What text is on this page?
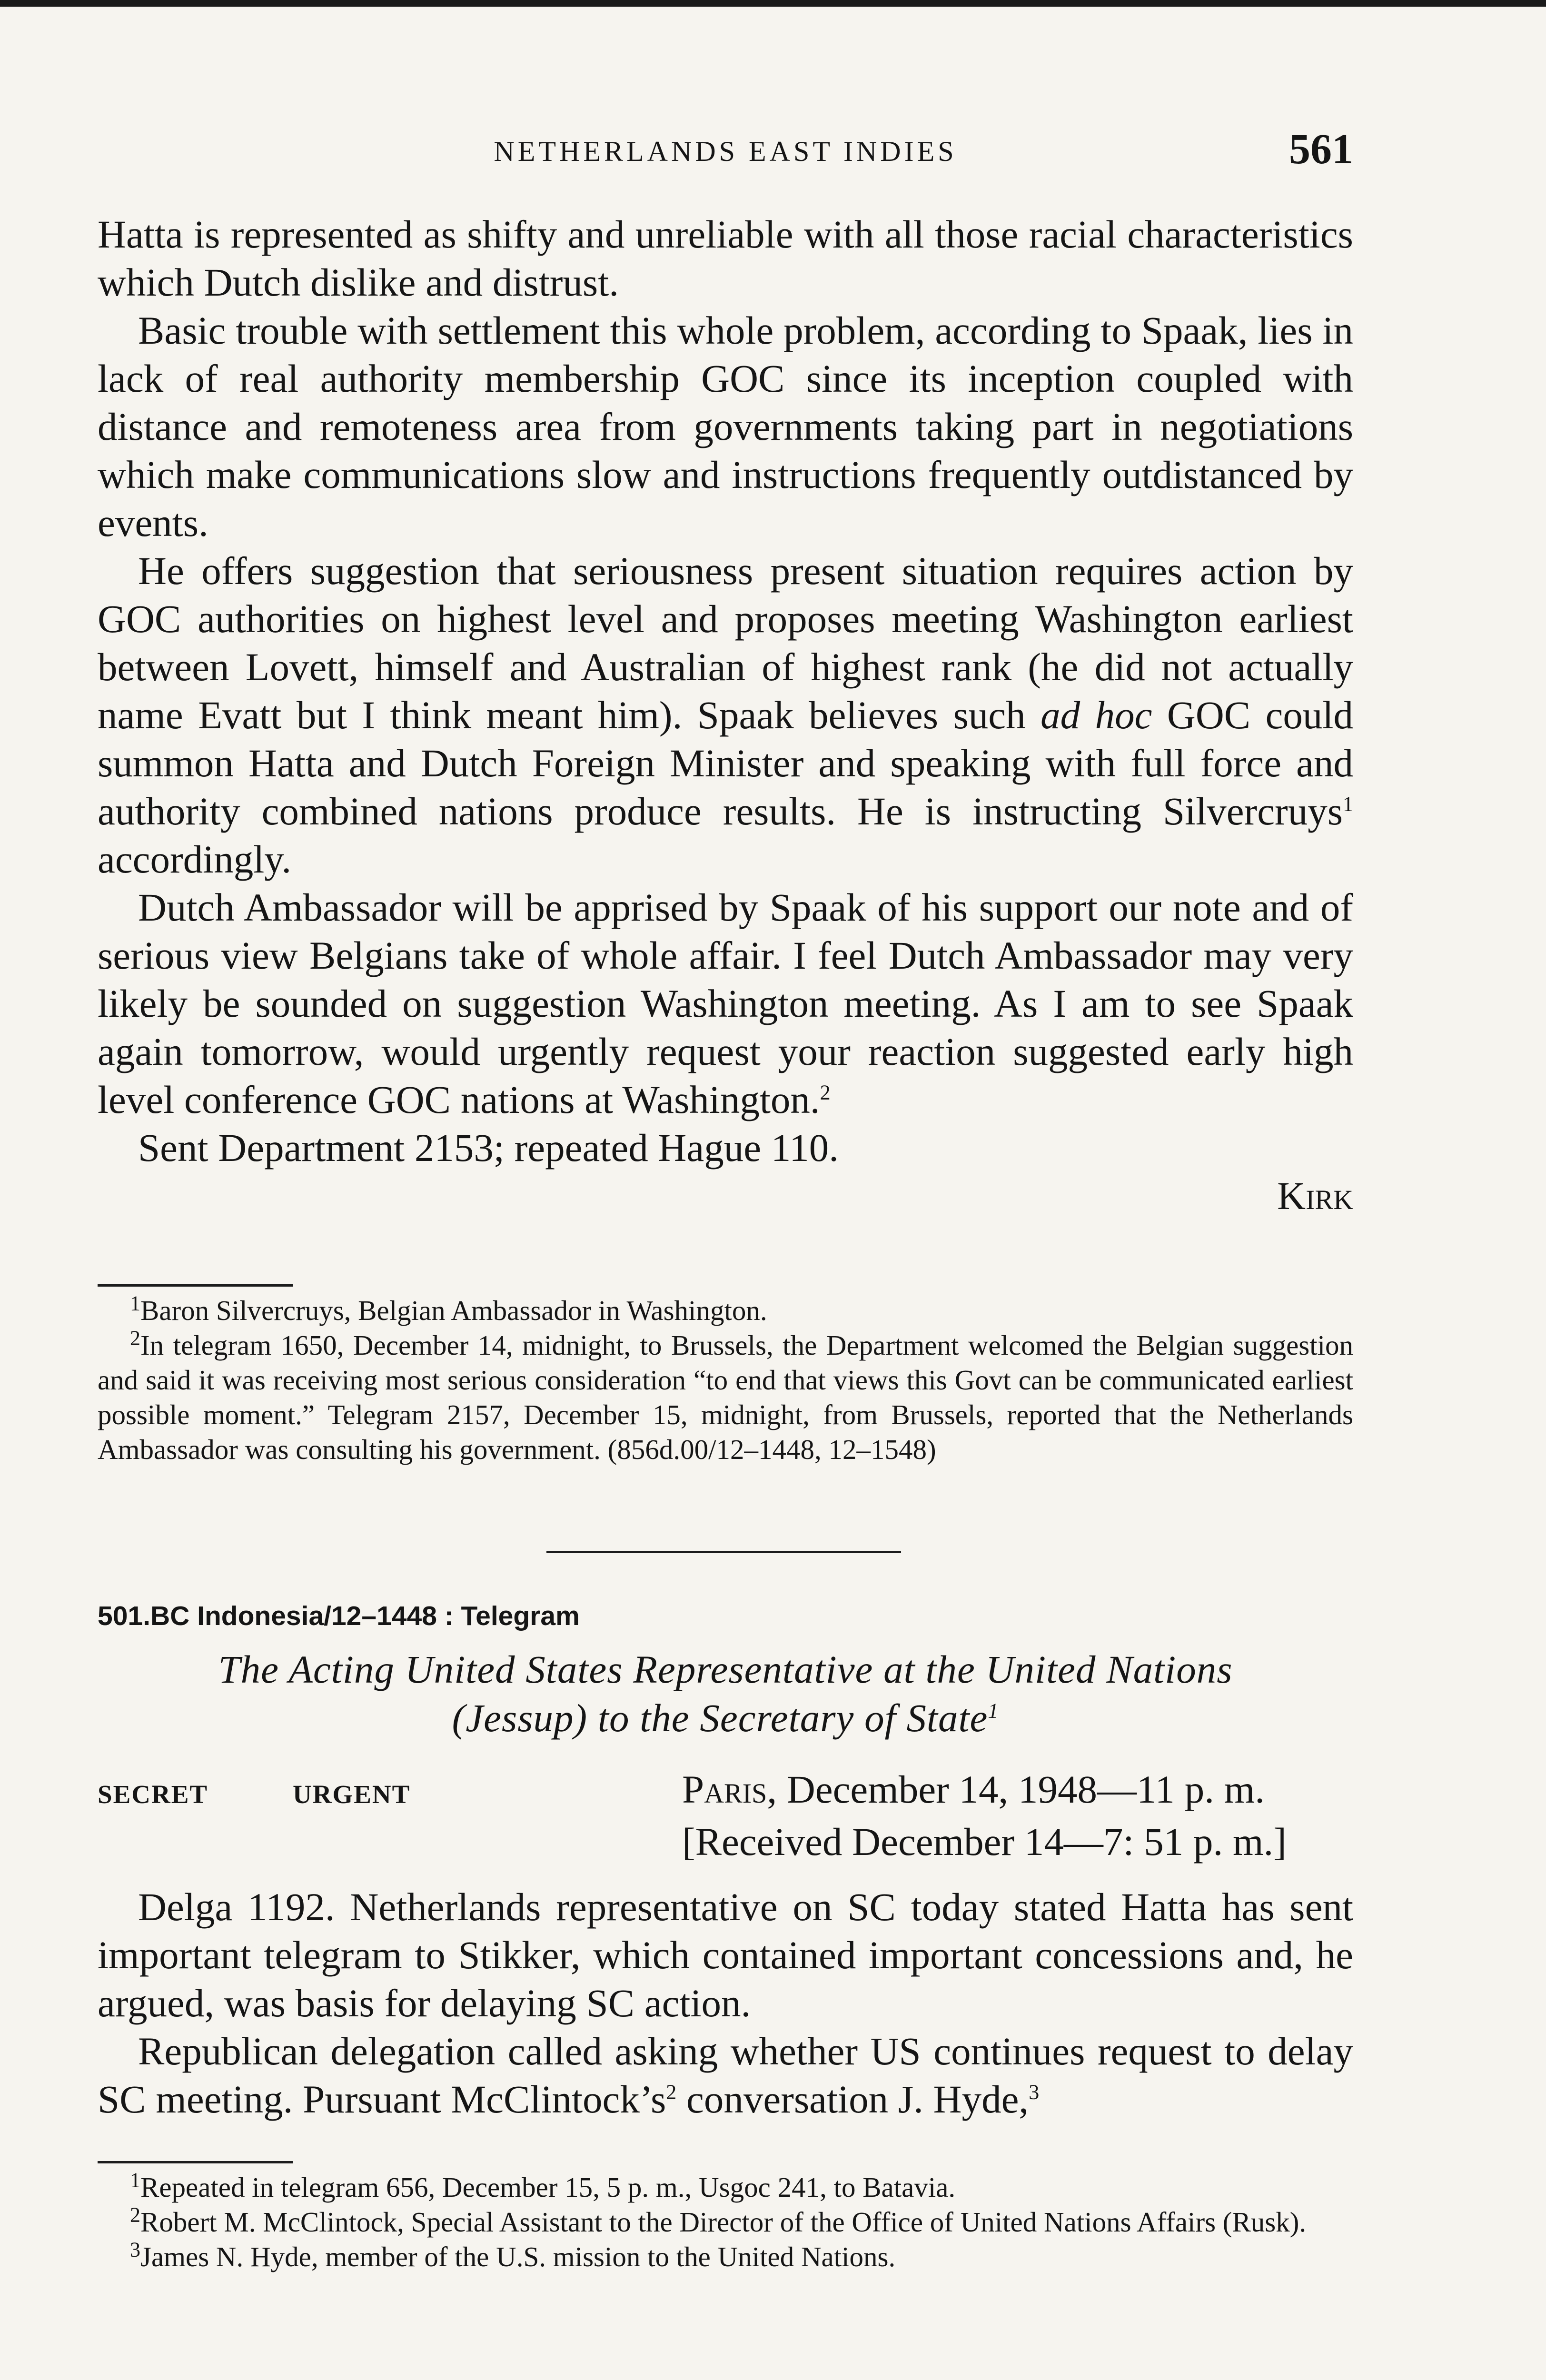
NETHERLANDS EAST INDIES	561

Hatta is represented as shifty and unreliable with all those racial characteristics which Dutch dislike and distrust.

Basic trouble with settlement this whole problem, according to Spaak, lies in lack of real authority membership GOC since its inception coupled with distance and remoteness area from governments taking part in negotiations which make communications slow and instructions frequently outdistanced by events.

He offers suggestion that seriousness present situation requires action by GOC authorities on highest level and proposes meeting Washington earliest between Lovett, himself and Australian of highest rank (he did not actually name Evatt but I think meant him). Spaak believes such ad hoc GOC could summon Hatta and Dutch Foreign Minister and speaking with full force and authority combined nations produce results. He is instructing Silvercruys$^1$ accordingly.

Dutch Ambassador will be apprised by Spaak of his support our note and of serious view Belgians take of whole affair. I feel Dutch Ambassador may very likely be sounded on suggestion Washington meeting. As I am to see Spaak again tomorrow, would urgently request your reaction suggested early high level conference GOC nations at Washington.$^2$

Sent Department 2153; repeated Hague 110.

Kirk

$^1$Baron Silvercruys, Belgian Ambassador in Washington.

$^2$In telegram 1650, December 14, midnight, to Brussels, the Department welcomed the Belgian suggestion and said it was receiving most serious consideration “to end that views this Govt can be communicated earliest possible moment.” Telegram 2157, December 15, midnight, from Brussels, reported that the Netherlands Ambassador was consulting his government. (856d.00/12–1448, 12–1548)

501.BC Indonesia/12–1448 : Telegram
The Acting United States Representative at the United Nations
(Jessup) to the Secretary of State$^1$
SECRET	URGENT	Paris, December 14, 1948—11 p. m.
[Received December 14—7: 51 p. m.]

Delga 1192. Netherlands representative on SC today stated Hatta has sent important telegram to Stikker, which contained important concessions and, he argued, was basis for delaying SC action.

Republican delegation called asking whether US continues request to delay SC meeting. Pursuant $McClintock’s^2$ conversation J. Hyde,$^3$

$^1$Repeated in telegram 656, December 15, 5 p. m., Usgoc 241, to Batavia.

$^2$Robert M. McClintock, Special Assistant to the Director of the Office of United Nations Affairs (Rusk).

$^3$James N. Hyde, member of the U.S. mission to the United Nations.
